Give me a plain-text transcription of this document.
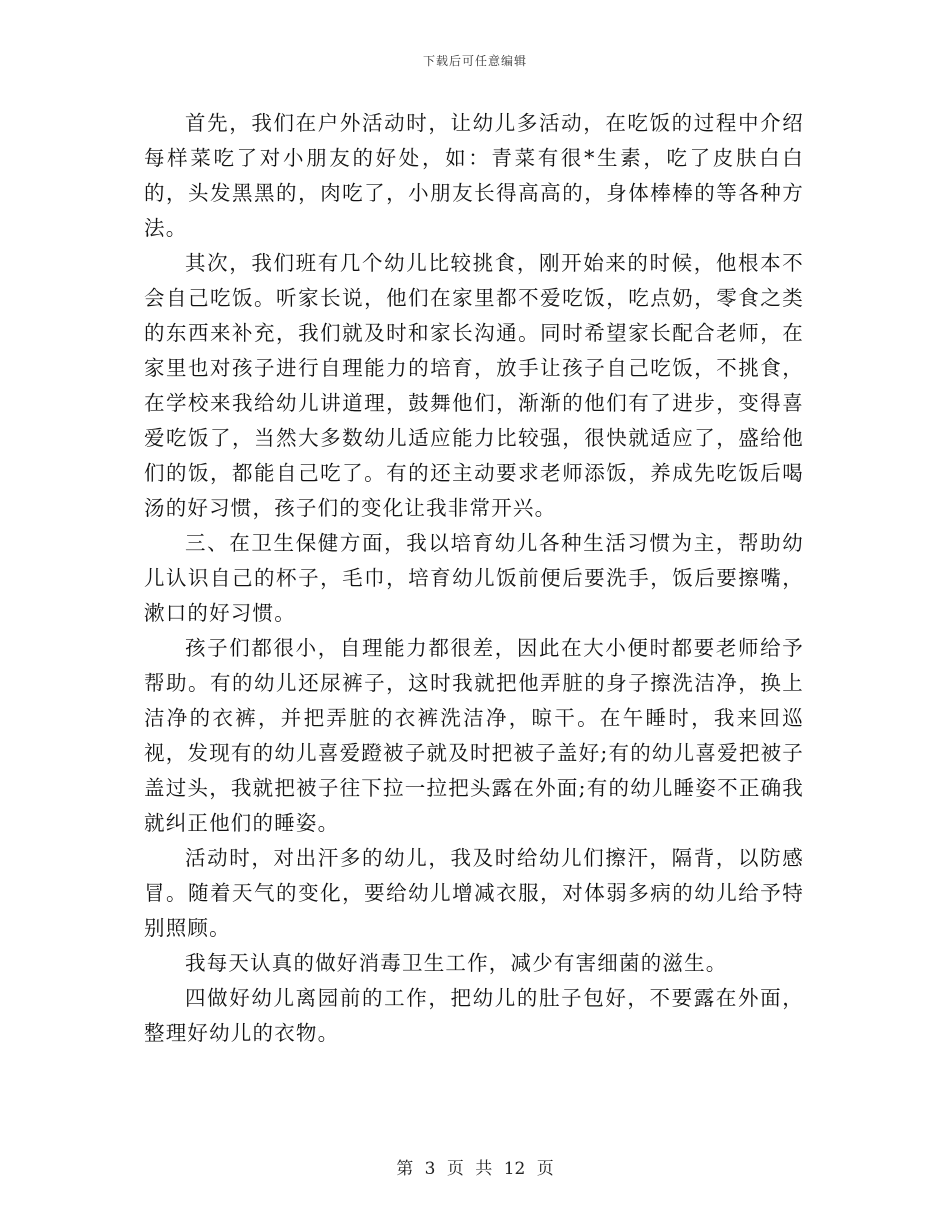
下载后可任意编辑

首先，我们在户外活动时，让幼儿多活动，在吃饭的过程中介绍每样菜吃了对小朋友的好处，如：青菜有很*生素，吃了皮肤白白的，头发黑黑的，肉吃了，小朋友长得高高的，身体棒棒的等各种方法。

其次，我们班有几个幼儿比较挑食，刚开始来的时候，他根本不会自己吃饭。听家长说，他们在家里都不爱吃饭，吃点奶，零食之类的东西来补充，我们就及时和家长沟通。同时希望家长配合老师，在家里也对孩子进行自理能力的培育，放手让孩子自己吃饭，不挑食，在学校来我给幼儿讲道理，鼓舞他们，渐渐的他们有了进步，变得喜爱吃饭了，当然大多数幼儿适应能力比较强，很快就适应了，盛给他们的饭，都能自己吃了。有的还主动要求老师添饭，养成先吃饭后喝汤的好习惯，孩子们的变化让我非常开兴。

三、在卫生保健方面，我以培育幼儿各种生活习惯为主，帮助幼儿认识自己的杯子，毛巾，培育幼儿饭前便后要洗手，饭后要擦嘴，漱口的好习惯。

孩子们都很小，自理能力都很差，因此在大小便时都要老师给予帮助。有的幼儿还尿裤子，这时我就把他弄脏的身子擦洗洁净，换上洁净的衣裤，并把弄脏的衣裤洗洁净，晾干。在午睡时，我来回巡视，发现有的幼儿喜爱蹬被子就及时把被子盖好;有的幼儿喜爱把被子盖过头，我就把被子往下拉一拉把头露在外面;有的幼儿睡姿不正确我就纠正他们的睡姿。

活动时，对出汗多的幼儿，我及时给幼儿们擦汗，隔背，以防感冒。随着天气的变化，要给幼儿增减衣服，对体弱多病的幼儿给予特别照顾。

我每天认真的做好消毒卫生工作，减少有害细菌的滋生。

四做好幼儿离园前的工作，把幼儿的肚子包好，不要露在外面，整理好幼儿的衣物。

第 3 页 共 12 页
